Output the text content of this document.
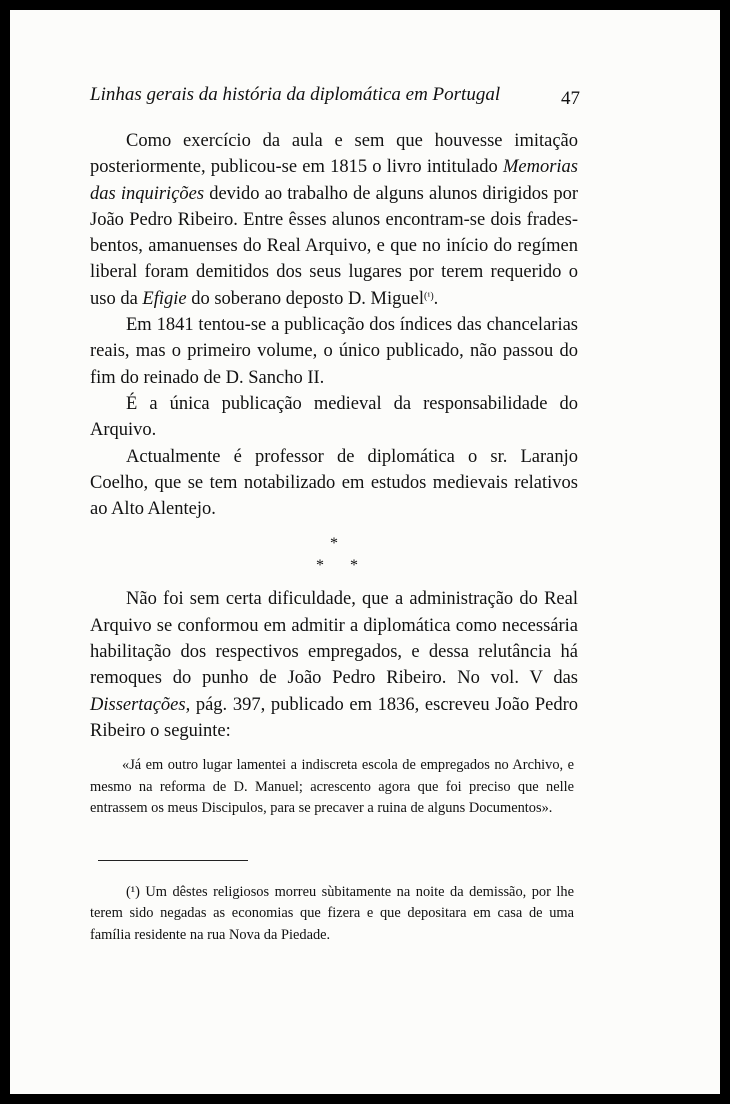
Linhas gerais da história da diplomática em Portugal	47

Como exercício da aula e sem que houvesse imitação posteriormente, publicou-se em 1815 o livro intitulado Memorias das inquirições devido ao trabalho de alguns alunos dirigidos por João Pedro Ribeiro. Entre êsses alunos encontram-se dois frades-bentos, amanuenses do Real Arquivo, e que no início do regímen liberal foram demitidos dos seus lugares por terem requerido o uso da Efigie do soberano deposto D. Miguel$^{(^1)}$.

Em 1841 tentou-se a publicação dos índices das chancelarias reais, mas o primeiro volume, o único publicado, não passou do fim do reinado de D. Sancho II.

É a única publicação medieval da responsabilidade do Arquivo.

Actualmente é professor de diplomática o sr. Laranjo Coelho, que se tem notabilizado em estudos medievais relativos ao Alto Alentejo.

*
* *

Não foi sem certa dificuldade, que a administração do Real Arquivo se conformou em admitir a diplomática como necessária habilitação dos respectivos empregados, e dessa relutância há remoques do punho de João Pedro Ribeiro. No vol. V das Dissertações, pág. 397, publicado em 1836, escreveu João Pedro Ribeiro o seguinte:

«Já em outro lugar lamentei a indiscreta escola de empregados no Archivo, e mesmo na reforma de D. Manuel; acrescento agora que foi preciso que nelle entrassem os meus Discipulos, para se precaver a ruina de alguns Documentos».

(¹) Um dêstes religiosos morreu sùbitamente na noite da demissão, por lhe terem sido negadas as economias que fizera e que depositara em casa de uma família residente na rua Nova da Piedade.
